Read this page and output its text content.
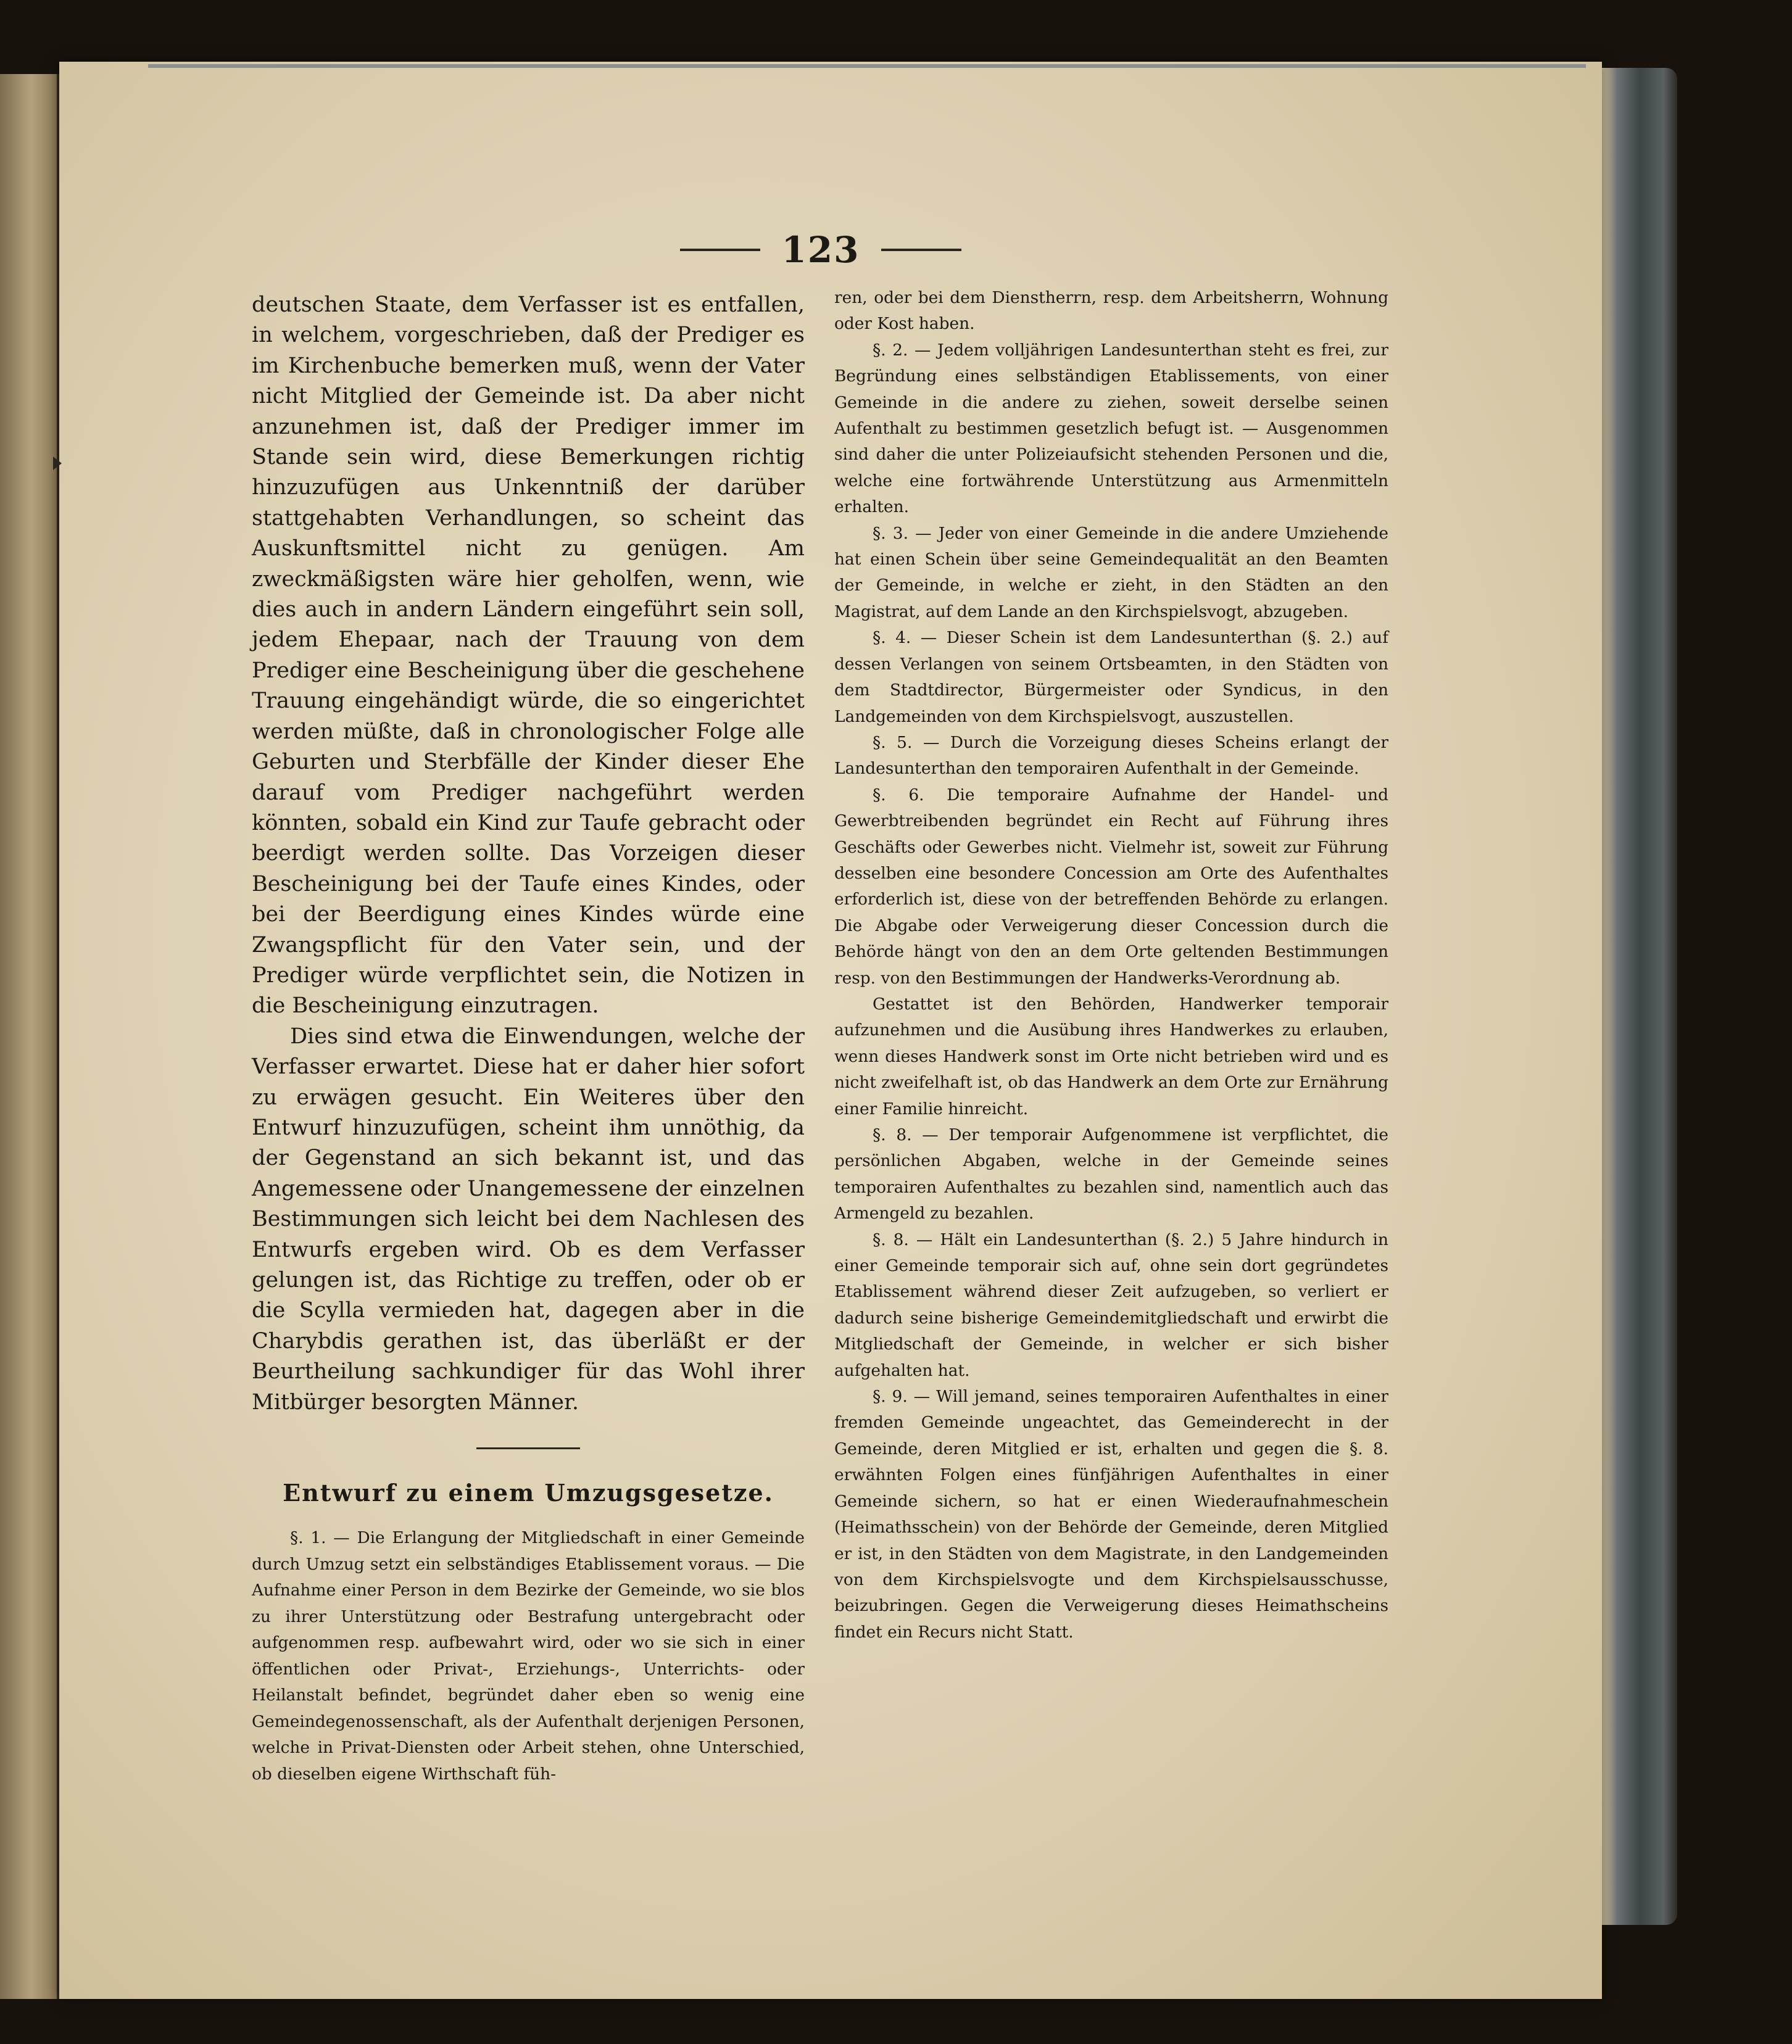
123

deutschen Staate, dem Verfasser ist es entfallen, in welchem, vorgeschrieben, daß der Prediger es im Kirchenbuche bemerken muß, wenn der Vater nicht Mitglied der Gemeinde ist. Da aber nicht anzunehmen ist, daß der Prediger immer im Stande sein wird, diese Bemerkungen richtig hinzuzufügen aus Unkenntniß der darüber stattgehabten Verhandlungen, so scheint das Auskunftsmittel nicht zu genügen. Am zweckmäßigsten wäre hier geholfen, wenn, wie dies auch in andern Ländern eingeführt sein soll, jedem Ehepaar, nach der Trauung von dem Prediger eine Bescheinigung über die geschehene Trauung eingehändigt würde, die so eingerichtet werden müßte, daß in chronologischer Folge alle Geburten und Sterbfälle der Kinder dieser Ehe darauf vom Prediger nachgeführt werden könnten, sobald ein Kind zur Taufe gebracht oder beerdigt werden sollte. Das Vorzeigen dieser Bescheinigung bei der Taufe eines Kindes, oder bei der Beerdigung eines Kindes würde eine Zwangspflicht für den Vater sein, und der Prediger würde verpflichtet sein, die Notizen in die Bescheinigung einzutragen.

Dies sind etwa die Einwendungen, welche der Verfasser erwartet. Diese hat er daher hier sofort zu erwägen gesucht. Ein Weiteres über den Entwurf hinzuzufügen, scheint ihm unnöthig, da der Gegenstand an sich bekannt ist, und das Angemessene oder Unangemessene der einzelnen Bestimmungen sich leicht bei dem Nachlesen des Entwurfs ergeben wird. Ob es dem Verfasser gelungen ist, das Richtige zu treffen, oder ob er die Scylla vermieden hat, dagegen aber in die Charybdis gerathen ist, das überläßt er der Beurtheilung sachkundiger für das Wohl ihrer Mitbürger besorgten Männer.

Entwurf zu einem Umzugsgesetze.

§. 1. — Die Erlangung der Mitgliedschaft in einer Gemeinde durch Umzug setzt ein selbständiges Etablissement voraus. — Die Aufnahme einer Person in dem Bezirke der Gemeinde, wo sie blos zu ihrer Unterstützung oder Bestrafung untergebracht oder aufgenommen resp. aufbewahrt wird, oder wo sie sich in einer öffentlichen oder Privat-, Erziehungs-, Unterrichts- oder Heilanstalt befindet, begründet daher eben so wenig eine Gemeindegenossenschaft, als der Aufenthalt derjenigen Personen, welche in Privat-Diensten oder Arbeit stehen, ohne Unterschied, ob dieselben eigene Wirthschaft füh-

ren, oder bei dem Dienstherrn, resp. dem Arbeitsherrn, Wohnung oder Kost haben.

§. 2. — Jedem volljährigen Landesunterthan steht es frei, zur Begründung eines selbständigen Etablissements, von einer Gemeinde in die andere zu ziehen, soweit derselbe seinen Aufenthalt zu bestimmen gesetzlich befugt ist. — Ausgenommen sind daher die unter Polizeiaufsicht stehenden Personen und die, welche eine fortwährende Unterstützung aus Armenmitteln erhalten.

§. 3. — Jeder von einer Gemeinde in die andere Umziehende hat einen Schein über seine Gemeindequalität an den Beamten der Gemeinde, in welche er zieht, in den Städten an den Magistrat, auf dem Lande an den Kirchspielsvogt, abzugeben.

§. 4. — Dieser Schein ist dem Landesunterthan (§. 2.) auf dessen Verlangen von seinem Ortsbeamten, in den Städten von dem Stadtdirector, Bürgermeister oder Syndicus, in den Landgemeinden von dem Kirchspielsvogt, auszustellen.

§. 5. — Durch die Vorzeigung dieses Scheins erlangt der Landesunterthan den temporairen Aufenthalt in der Gemeinde.

§. 6. Die temporaire Aufnahme der Handel- und Gewerbtreibenden begründet ein Recht auf Führung ihres Geschäfts oder Gewerbes nicht. Vielmehr ist, soweit zur Führung desselben eine besondere Concession am Orte des Aufenthaltes erforderlich ist, diese von der betreffenden Behörde zu erlangen. Die Abgabe oder Verweigerung dieser Concession durch die Behörde hängt von den an dem Orte geltenden Bestimmungen resp. von den Bestimmungen der Handwerks-Verordnung ab.

Gestattet ist den Behörden, Handwerker temporair aufzunehmen und die Ausübung ihres Handwerkes zu erlauben, wenn dieses Handwerk sonst im Orte nicht betrieben wird und es nicht zweifelhaft ist, ob das Handwerk an dem Orte zur Ernährung einer Familie hinreicht.

§. 8. — Der temporair Aufgenommene ist verpflichtet, die persönlichen Abgaben, welche in der Gemeinde seines temporairen Aufenthaltes zu bezahlen sind, namentlich auch das Armengeld zu bezahlen.

§. 8. — Hält ein Landesunterthan (§. 2.) 5 Jahre hindurch in einer Gemeinde temporair sich auf, ohne sein dort gegründetes Etablissement während dieser Zeit aufzugeben, so verliert er dadurch seine bisherige Gemeindemitgliedschaft und erwirbt die Mitgliedschaft der Gemeinde, in welcher er sich bisher aufgehalten hat.

§. 9. — Will jemand, seines temporairen Aufenthaltes in einer fremden Gemeinde ungeachtet, das Gemeinderecht in der Gemeinde, deren Mitglied er ist, erhalten und gegen die §. 8. erwähnten Folgen eines fünfjährigen Aufenthaltes in einer Gemeinde sichern, so hat er einen Wiederaufnahmeschein (Heimathsschein) von der Behörde der Gemeinde, deren Mitglied er ist, in den Städten von dem Magistrate, in den Landgemeinden von dem Kirchspielsvogte und dem Kirchspielsausschusse, beizubringen. Gegen die Verweigerung dieses Heimathscheins findet ein Recurs nicht Statt.
